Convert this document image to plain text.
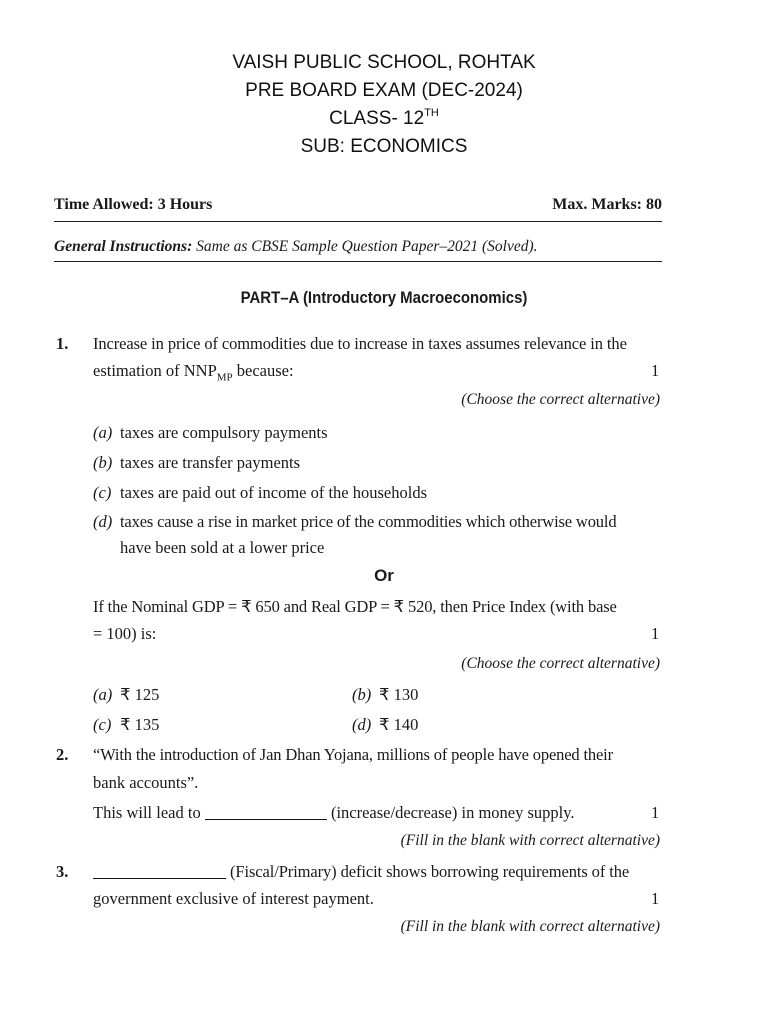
VAISH PUBLIC SCHOOL, ROHTAK
PRE BOARD EXAM (DEC-2024)
CLASS- 12TH
SUB: ECONOMICS
Time Allowed: 3 Hours	Max. Marks: 80
General Instructions: Same as CBSE Sample Question Paper–2021 (Solved).
PART–A (Introductory Macroeconomics)
1. Increase in price of commodities due to increase in taxes assumes relevance in the
estimation of $NNP_{MP}$ because:	1
(Choose the correct alternative)
(a) taxes are compulsory payments
(b) taxes are transfer payments
(c) taxes are paid out of income of the households
(d) taxes cause a rise in market price of the commodities which otherwise would
have been sold at a lower price
Or
If the Nominal GDP = ₹ 650 and Real GDP = ₹ 520, then Price Index (with base
= 100) is:	1
(Choose the correct alternative)
(a) ₹ 125	(b) ₹ 130
(c) ₹ 135	(d) ₹ 140
2. “With the introduction of Jan Dhan Yojana, millions of people have opened their
bank accounts”.
This will lead to	(increase/decrease) in money supply.	1
(Fill in the blank with correct alternative)
3.	(Fiscal/Primary) deficit shows borrowing requirements of the
government exclusive of interest payment.	1
(Fill in the blank with correct alternative)
